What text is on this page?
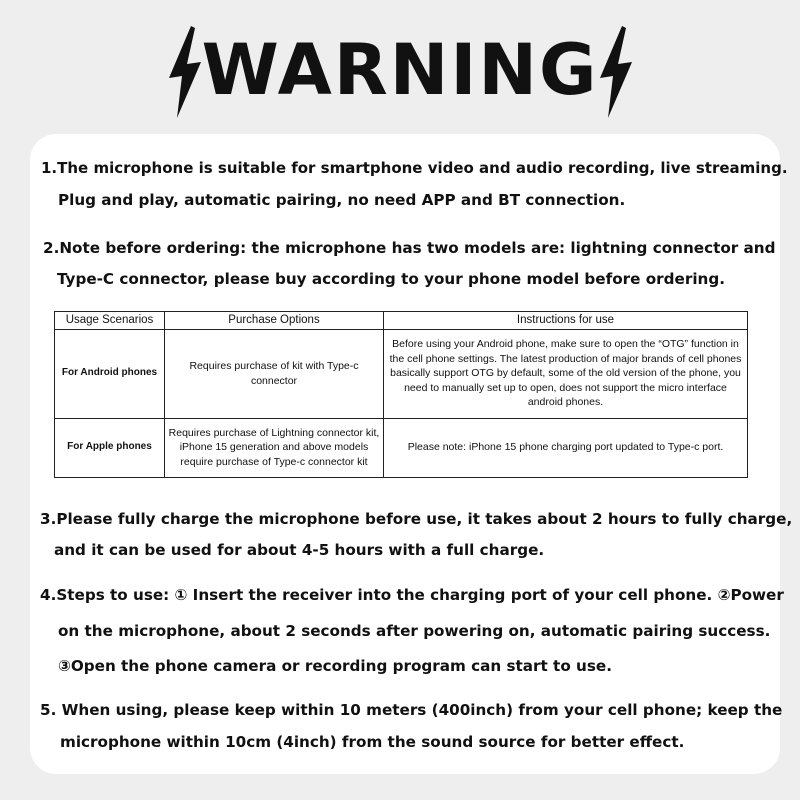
WARNING
1.The microphone is suitable for smartphone video and audio recording, live streaming.
Plug and play, automatic pairing, no need APP and BT connection.
2.Note before ordering: the microphone has two models are: lightning connector and
Type-C connector, please buy according to your phone model before ordering.
Usage Scenarios	Purchase Options	Instructions for use
For Android phones	Requires purchase of kit with Type-c connector	Before using your Android phone, make sure to open the “OTG” function in the cell phone settings. The latest production of major brands of cell phones basically support OTG by default, some of the old version of the phone, you need to manually set up to open, does not support the micro interface android phones.
For Apple phones	Requires purchase of Lightning connector kit, iPhone 15 generation and above models require purchase of Type-c connector kit	Please note: iPhone 15 phone charging port updated to Type-c port.
3.Please fully charge the microphone before use, it takes about 2 hours to fully charge,
and it can be used for about 4-5 hours with a full charge.
4.Steps to use: ① Insert the receiver into the charging port of your cell phone. ②Power
on the microphone, about 2 seconds after powering on, automatic pairing success.
③Open the phone camera or recording program can start to use.
5. When using, please keep within 10 meters (400inch) from your cell phone; keep the
microphone within 10cm (4inch) from the sound source for better effect.
